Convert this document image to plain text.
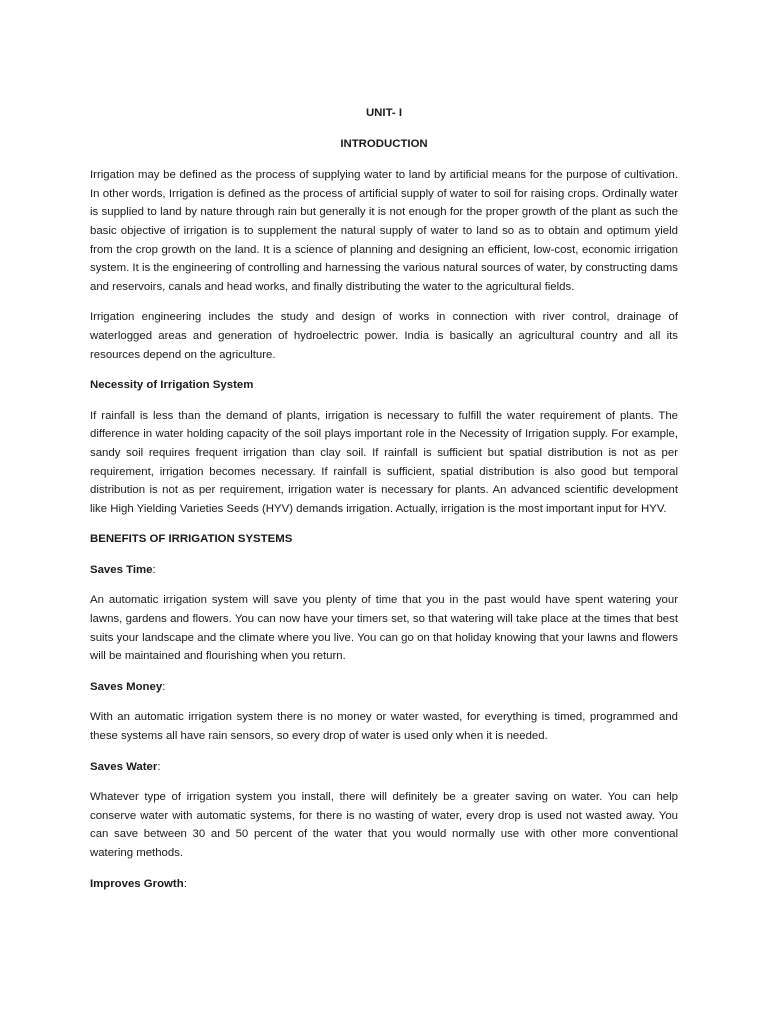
UNIT- I
INTRODUCTION

Irrigation may be defined as the process of supplying water to land by artificial means for the purpose of cultivation. In other words, Irrigation is defined as the process of artificial supply of water to soil for raising crops. Ordinally water is supplied to land by nature through rain but generally it is not enough for the proper growth of the plant as such the basic objective of irrigation is to supplement the natural supply of water to land so as to obtain and optimum yield from the crop growth on the land. It is a science of planning and designing an efficient, low-cost, economic irrigation system. It is the engineering of controlling and harnessing the various natural sources of water, by constructing dams and reservoirs, canals and head works, and finally distributing the water to the agricultural fields.

Irrigation engineering includes the study and design of works in connection with river control, drainage of waterlogged areas and generation of hydroelectric power. India is basically an agricultural country and all its resources depend on the agriculture.

Necessity of Irrigation System

If rainfall is less than the demand of plants, irrigation is necessary to fulfill the water requirement of plants. The difference in water holding capacity of the soil plays important role in the Necessity of Irrigation supply. For example, sandy soil requires frequent irrigation than clay soil. If rainfall is sufficient but spatial distribution is not as per requirement, irrigation becomes necessary. If rainfall is sufficient, spatial distribution is also good but temporal distribution is not as per requirement, irrigation water is necessary for plants. An advanced scientific development like High Yielding Varieties Seeds (HYV) demands irrigation. Actually, irrigation is the most important input for HYV.

BENEFITS OF IRRIGATION SYSTEMS
Saves Time:

An automatic irrigation system will save you plenty of time that you in the past would have spent watering your lawns, gardens and flowers. You can now have your timers set, so that watering will take place at the times that best suits your landscape and the climate where you live. You can go on that holiday knowing that your lawns and flowers will be maintained and flourishing when you return.

Saves Money:

With an automatic irrigation system there is no money or water wasted, for everything is timed, programmed and these systems all have rain sensors, so every drop of water is used only when it is needed.

Saves Water:

Whatever type of irrigation system you install, there will definitely be a greater saving on water. You can help conserve water with automatic systems, for there is no wasting of water, every drop is used not wasted away. You can save between 30 and 50 percent of the water that you would normally use with other more conventional watering methods.

Improves Growth:
